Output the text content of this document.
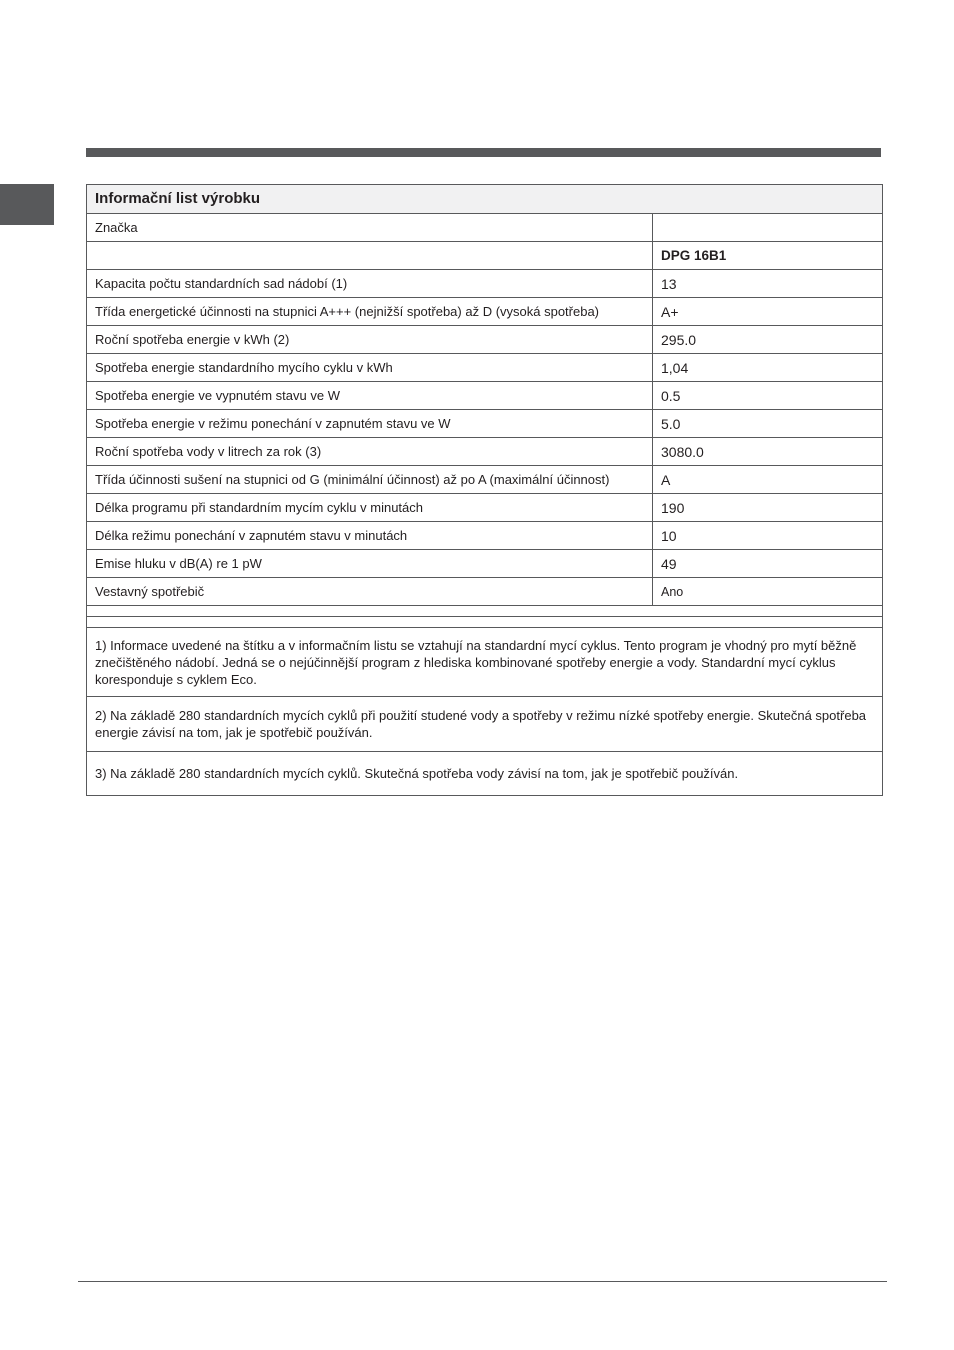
Informační list výrobku	
Značka	
	DPG 16B1
Kapacita počtu standardních sad nádobí (1)	13
Třída energetické účinnosti na stupnici A+++ (nejnižší spotřeba) až D (vysoká spotřeba)	A+
Roční spotřeba energie v kWh (2)	295.0
Spotřeba energie standardního mycího cyklu v kWh	1,04
Spotřeba energie ve vypnutém stavu ve W	0.5
Spotřeba energie v režimu ponechání v zapnutém stavu ve W	5.0
Roční spotřeba vody v litrech za rok (3)	3080.0
Třída účinnosti sušení na stupnici od G (minimální účinnost) až po A (maximální účinnost)	A
Délka programu při standardním mycím cyklu v minutách	190
Délka režimu ponechání v zapnutém stavu v minutách	10
Emise hluku v dB(A) re 1 pW	49
Vestavný spotřebič	Ano

1) Informace uvedené na štítku a v informačním listu se vztahují na standardní mycí cyklus. Tento program je vhodný pro mytí běžně znečištěného nádobí. Jedná se o nejúčinnější program z hlediska kombinované spotřeby energie a vody. Standardní mycí cyklus koresponduje s cyklem Eco.	
2) Na základě 280 standardních mycích cyklů při použití studené vody a spotřeby v režimu nízké spotřeby energie. Skutečná spotřeba energie závisí na tom, jak je spotřebič používán.	
3) Na základě 280 standardních mycích cyklů. Skutečná spotřeba vody závisí na tom, jak je spotřebič používán.	
